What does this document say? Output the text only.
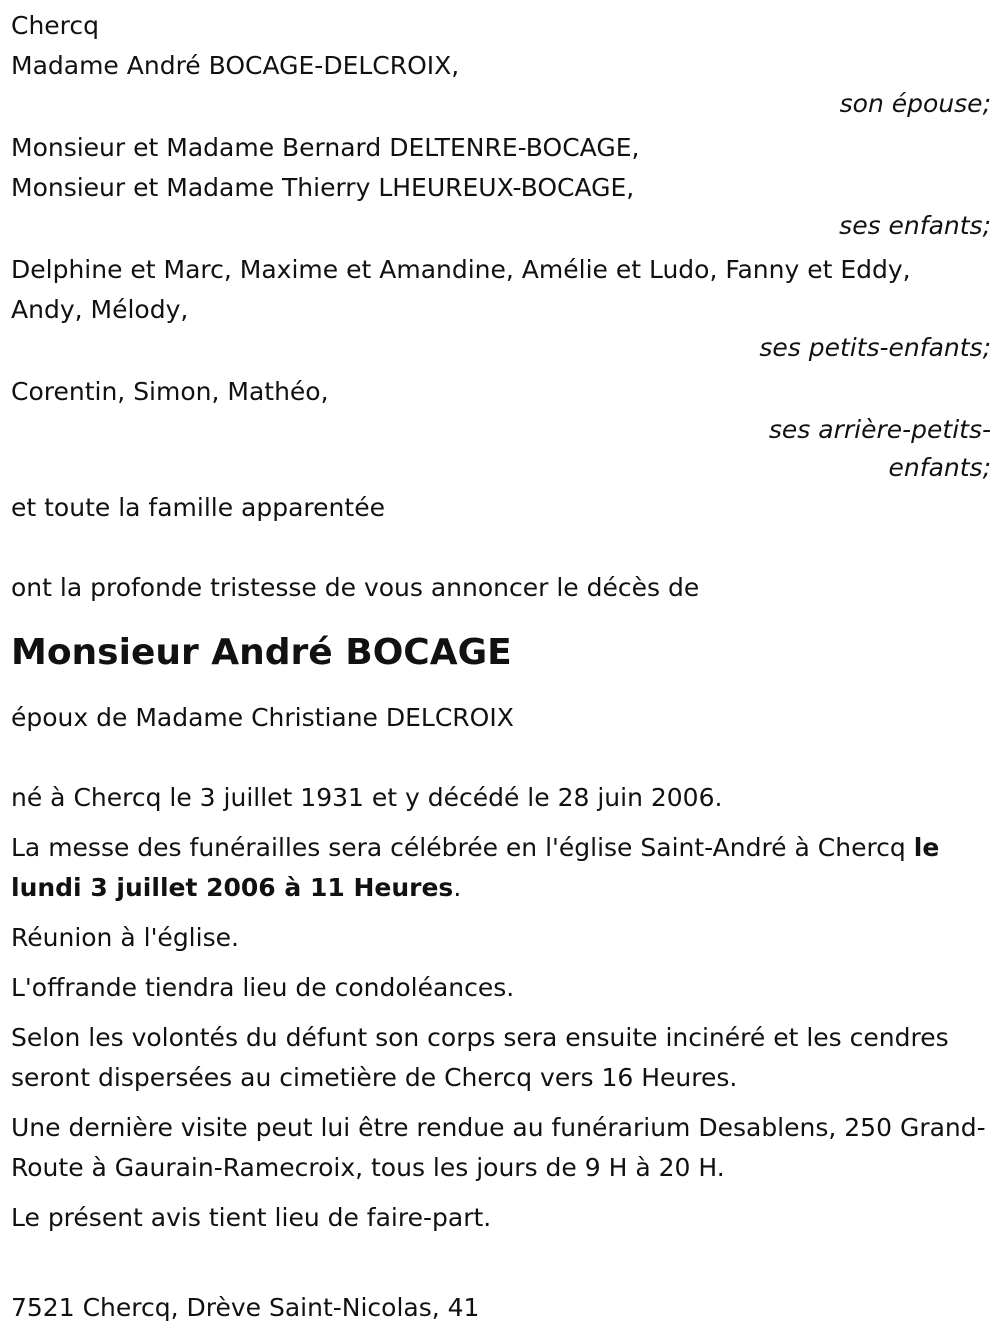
Chercq

Madame André BOCAGE-DELCROIX,

son épouse;

Monsieur et Madame Bernard DELTENRE-BOCAGE,

Monsieur et Madame Thierry LHEUREUX-BOCAGE,

ses enfants;

Delphine et Marc, Maxime et Amandine, Amélie et Ludo, Fanny et Eddy,

Andy, Mélody,

ses petits-enfants;

Corentin, Simon, Mathéo,

ses arrière-petits-

enfants;

et toute la famille apparentée

ont la profonde tristesse de vous annoncer le décès de

Monsieur André BOCAGE

époux de Madame Christiane DELCROIX

né à Chercq le 3 juillet 1931 et y décédé le 28 juin 2006.

La messe des funérailles sera célébrée en l'église Saint-André à Chercq le lundi 3 juillet 2006 à 11 Heures.

Réunion à l'église.

L'offrande tiendra lieu de condoléances.

Selon les volontés du défunt son corps sera ensuite incinéré et les cendres seront dispersées au cimetière de Chercq vers 16 Heures.

Une dernière visite peut lui être rendue au funérarium Desablens, 250 Grand-Route à Gaurain-Ramecroix, tous les jours de 9 H à 20 H.

Le présent avis tient lieu de faire-part.

7521 Chercq, Drève Saint-Nicolas, 41
